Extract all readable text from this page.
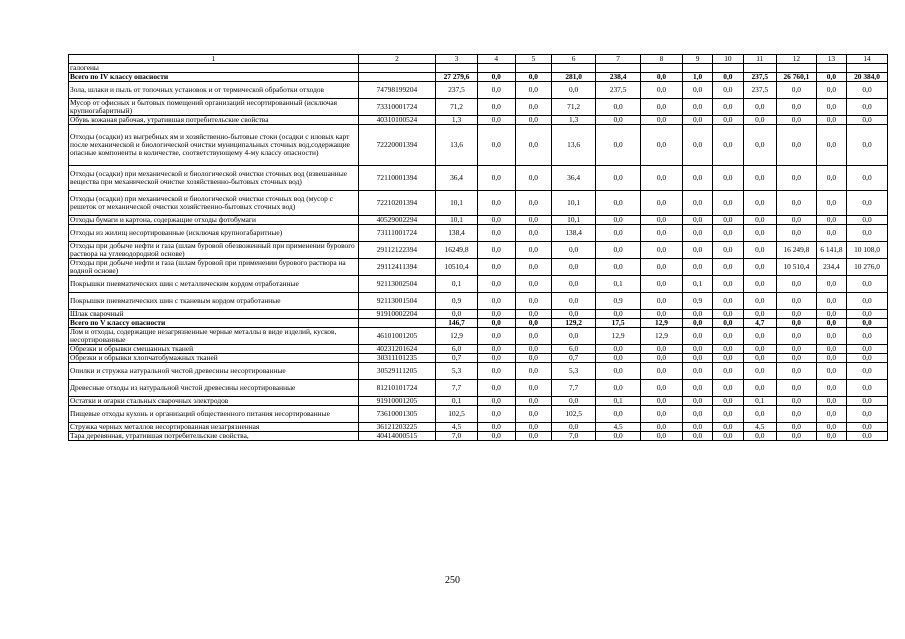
1	2	3	4	5	6	7	8	9	10	11	12	13	14
галогены													
Всего по IV классу опасности		27 279,6	0,0	0,0	281,0	238,4	0,0	1,0	0,0	237,5	26 760,1	0,0	20 384,0
Зола, шлаки и пыль от топочных установок и от термической обработки отходов	74798199204	237,5	0,0	0,0	0,0	237,5	0,0	0,0	0,0	237,5	0,0	0,0	0,0
Мусор от офисных и бытовых помещений организаций несортированный (исключая крупногабаритный)	73310001724	71,2	0,0	0,0	71,2	0,0	0,0	0,0	0,0	0,0	0,0	0,0	0,0
Обувь кожаная рабочая, утратившая потребительские свойства	40310100524	1,3	0,0	0,0	1,3	0,0	0,0	0,0	0,0	0,0	0,0	0,0	0,0
Отходы (осадки) из выгребных ям и хозяйственно-бытовые стоки (осадки с иловых карт после механической и биологической очистки муниципальных сточных вод,содержащие опасные компоненты в количестве, соответствующему 4-му классу опасности)	72220001394	13,6	0,0	0,0	13,6	0,0	0,0	0,0	0,0	0,0	0,0	0,0	0,0
Отходы (осадки) при механической и биологической очистки сточных вод (взвешанные вещества при механической очистке хозяйственно-бытовых сточных вод)	72110001394	36,4	0,0	0,0	36,4	0,0	0,0	0,0	0,0	0,0	0,0	0,0	0,0
Отходы (осадки) при механической и биологической очистки сточных вод (мусор с решеток от механической очистки хозяйственно-бытовых сточных вод)	72210201394	10,1	0,0	0,0	10,1	0,0	0,0	0,0	0,0	0,0	0,0	0,0	0,0
Отходы бумаги и картона, содержащие отходы фотобумаги	40529002294	10,1	0,0	0,0	10,1	0,0	0,0	0,0	0,0	0,0	0,0	0,0	0,0
Отходы из жилищ несортированные (исключая крупногабаритные)	73111001724	138,4	0,0	0,0	138,4	0,0	0,0	0,0	0,0	0,0	0,0	0,0	0,0
Отходы при добыче нефти и газа (шлам буровой обезвоженный при применении бурового раствора на углеводородной основе)	29112122394	16249,8	0,0	0,0	0,0	0,0	0,0	0,0	0,0	0,0	16 249,8	6 141,8	10 108,0
Отходы при добыче нефти и газа (шлам буровой при применении бурового раствора на водной основе)	29112411394	10510,4	0,0	0,0	0,0	0,0	0,0	0,0	0,0	0,0	10 510,4	234,4	10 276,0
Покрышки пневматических шин с металлическим кордом отработанные	92113002504	0,1	0,0	0,0	0,0	0,1	0,0	0,1	0,0	0,0	0,0	0,0	0,0
Покрышки пневматических шин с тканевым кордом отработанные	92113001504	0,9	0,0	0,0	0,0	0,9	0,0	0,9	0,0	0,0	0,0	0,0	0,0
Шлак сварочный	91910002204	0,0	0,0	0,0	0,0	0,0	0,0	0,0	0,0	0,0	0,0	0,0	0,0
Всего по V классу опасности		146,7	0,0	0,0	129,2	17,5	12,9	0,0	0,0	4,7	0,0	0,0	0,0
Лом и отходы, содержащие незагрязненные черные металлы в виде изделий, кусков, несортированные	46101001205	12,9	0,0	0,0	0,0	12,9	12,9	0,0	0,0	0,0	0,0	0,0	0,0
Обрезки и обрывки смешанных тканей	40231201624	6,0	0,0	0,0	6,0	0,0	0,0	0,0	0,0	0,0	0,0	0,0	0,0
Обрезки и обрывки хлопчатобумажных тканей	30311101235	0,7	0,0	0,0	0,7	0,0	0,0	0,0	0,0	0,0	0,0	0,0	0,0
Опилки и стружка натуральной чистой древесины несортированные	30529111205	5,3	0,0	0,0	5,3	0,0	0,0	0,0	0,0	0,0	0,0	0,0	0,0
Древесные отходы из натуральной чистой древесины несортированные	81210101724	7,7	0,0	0,0	7,7	0,0	0,0	0,0	0,0	0,0	0,0	0,0	0,0
Остатки и огарки стальных сварочных электродов	91910001205	0,1	0,0	0,0	0,0	0,1	0,0	0,0	0,0	0,1	0,0	0,0	0,0
Пищевые отходы кухонь и организаций общественного питания несортированные	73610001305	102,5	0,0	0,0	102,5	0,0	0,0	0,0	0,0	0,0	0,0	0,0	0,0
Стружка черных металлов несортированная незагрязненная	36121203225	4,5	0,0	0,0	0,0	4,5	0,0	0,0	0,0	4,5	0,0	0,0	0,0
Тара деревянная, утратившая потребительские свойства,	40414000515	7,0	0,0	0,0	7,0	0,0	0,0	0,0	0,0	0,0	0,0	0,0	0,0
250
